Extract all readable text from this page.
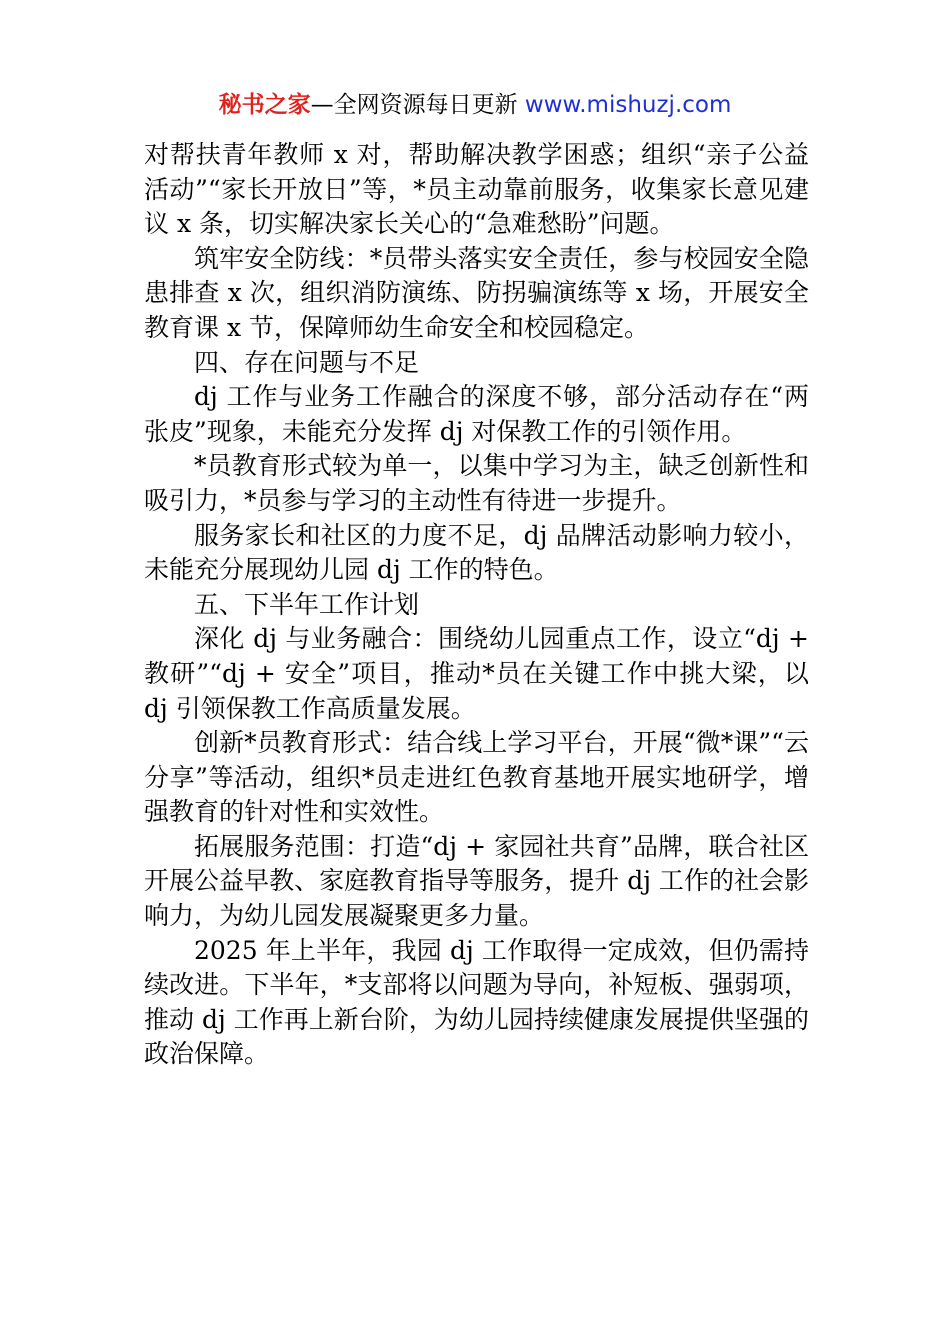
秘书之家—全网资源每日更新 www.mishuzj.com

对帮扶青年教师 x 对，帮助解决教学困惑；组织“亲子公益活动”“家长开放日”等，*员主动靠前服务，收集家长意见建议 x 条，切实解决家长关心的“急难愁盼”问题。

筑牢安全防线：*员带头落实安全责任，参与校园安全隐患排查 x 次，组织消防演练、防拐骗演练等 x 场，开展安全教育课 x 节，保障师幼生命安全和校园稳定。

四、存在问题与不足

dj 工作与业务工作融合的深度不够，部分活动存在“两张皮”现象，未能充分发挥 dj 对保教工作的引领作用。

*员教育形式较为单一，以集中学习为主，缺乏创新性和吸引力，*员参与学习的主动性有待进一步提升。

服务家长和社区的力度不足，dj 品牌活动影响力较小，未能充分展现幼儿园 dj 工作的特色。

五、下半年工作计划

深化 dj 与业务融合：围绕幼儿园重点工作，设立“dj + 教研”“dj + 安全”项目，推动*员在关键工作中挑大梁，以 dj 引领保教工作高质量发展。

创新*员教育形式：结合线上学习平台，开展“微*课”“云分享”等活动，组织*员走进红色教育基地开展实地研学，增强教育的针对性和实效性。

拓展服务范围：打造“dj + 家园社共育”品牌，联合社区开展公益早教、家庭教育指导等服务，提升 dj 工作的社会影响力，为幼儿园发展凝聚更多力量。

2025 年上半年，我园 dj 工作取得一定成效，但仍需持续改进。下半年，*支部将以问题为导向，补短板、强弱项，推动 dj 工作再上新台阶，为幼儿园持续健康发展提供坚强的政治保障。
